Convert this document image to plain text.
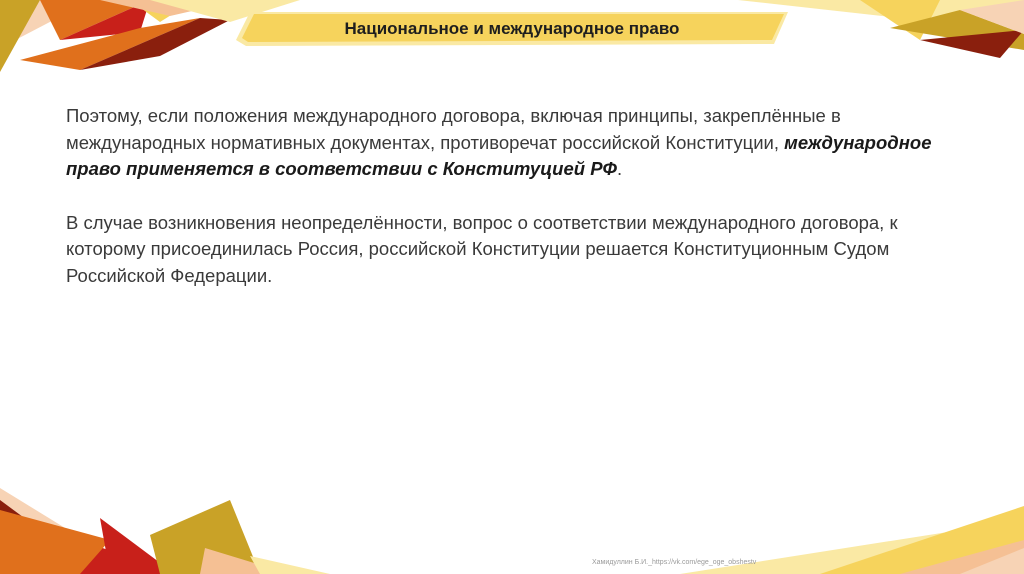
Национальное и международное право

Поэтому, если положения международного договора, включая принципы, закреплённые в международных нормативных документах, противоречат российской Конституции, международное право применяется в соответствии с Конституцией РФ.

В случае возникновения неопределённости, вопрос о соответствии международного договора, к которому присоединилась Россия, российской Конституции решается Конституционным Судом Российской Федерации.

Хамидуллин Б.И._https://vk.com/ege_oge_obshestv
